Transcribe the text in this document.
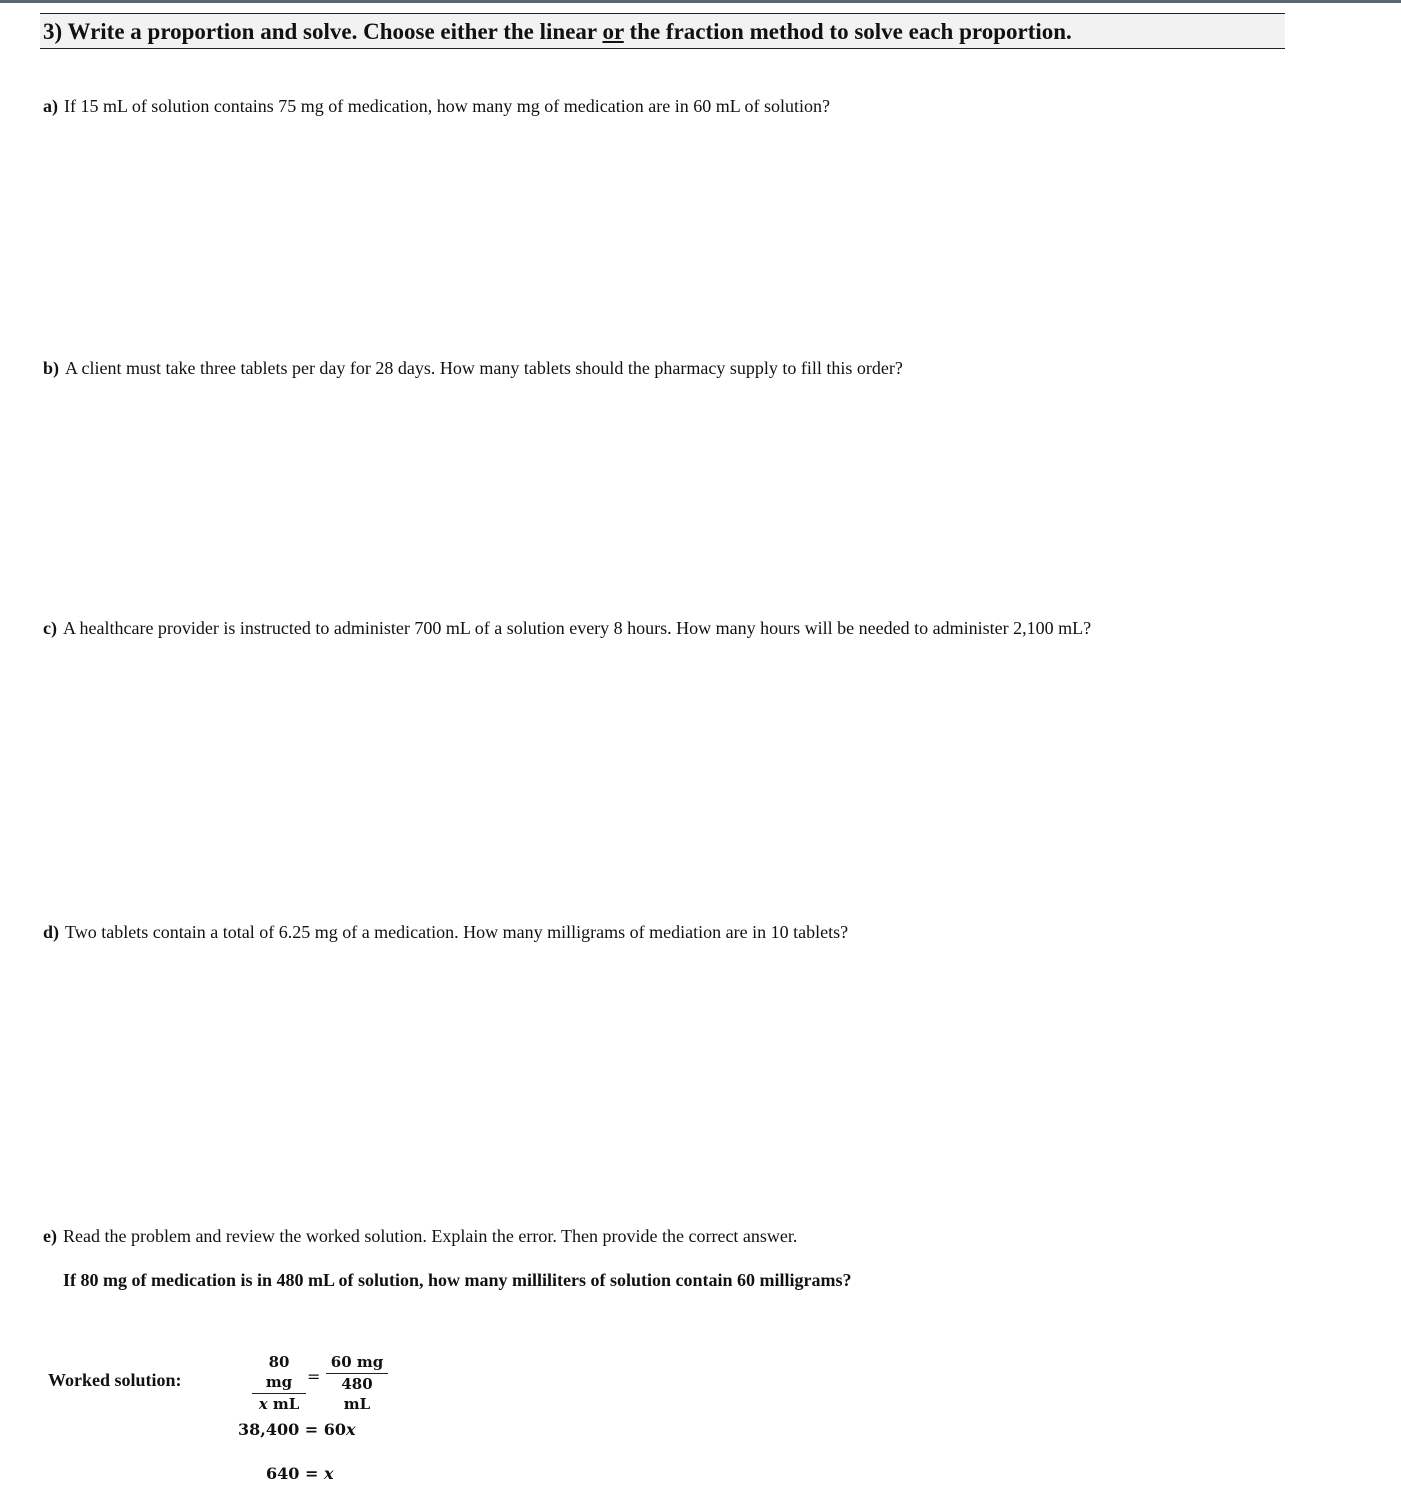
3) Write a proportion and solve. Choose either the linear or the fraction method to solve each proportion.
a) If 15 mL of solution contains 75 mg of medication, how many mg of medication are in 60 mL of solution?
b) A client must take three tablets per day for 28 days. How many tablets should the pharmacy supply to fill this order?
c) A healthcare provider is instructed to administer 700 mL of a solution every 8 hours. How many hours will be needed to administer 2,100 mL?
d) Two tablets contain a total of 6.25 mg of a medication. How many milligrams of mediation are in 10 tablets?
e) Read the problem and review the worked solution. Explain the error. Then provide the correct answer.
If 80 mg of medication is in 480 mL of solution, how many milliliters of solution contain 60 milligrams?
Worked solution:	$\frac{80 mg}{\text{x mL}} = \frac{60 mg}{480 mL}$
38,400 = 60x
640 = x
